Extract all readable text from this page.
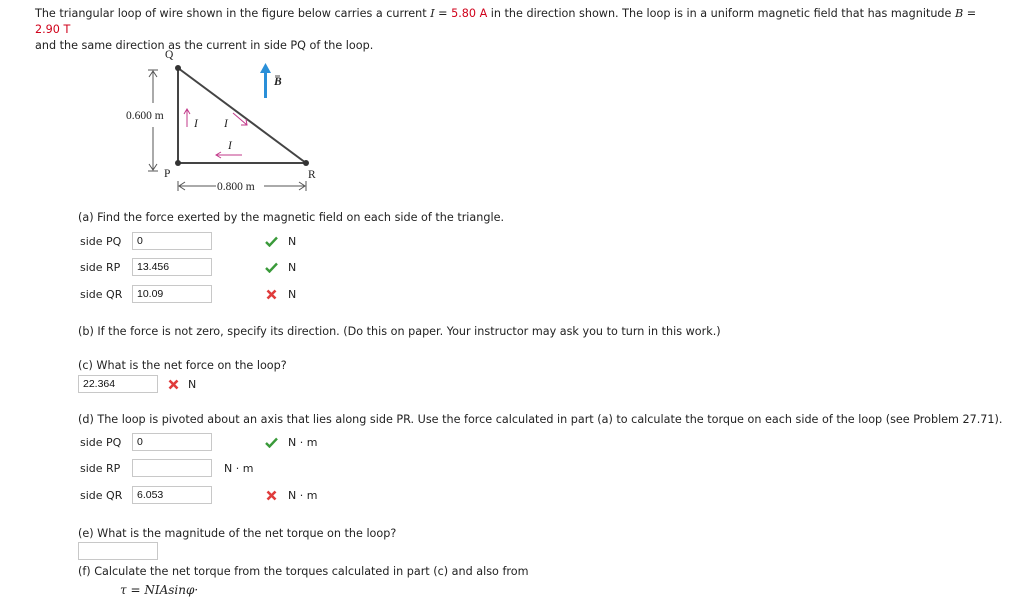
The triangular loop of wire shown in the figure below carries a current I = 5.80 A in the direction shown. The loop is in a uniform magnetic field that has magnitude B = 2.90 T
and the same direction as the current in side PQ of the loop.
Q
P	R
0.600 m
0.800 m
I I
I
B
(a) Find the force exerted by the magnetic field on each side of the triangle.
side PQ	0	N
side RP	13.456	N
side QR	10.09	N
(b) If the force is not zero, specify its direction. (Do this on paper. Your instructor may ask you to turn in this work.)
(c) What is the net force on the loop?
22.364	N
(d) The loop is pivoted about an axis that lies along side PR. Use the force calculated in part (a) to calculate the torque on each side of the loop (see Problem 27.71).
side PQ	0	N · m
side RP	N · m
side QR	6.053	N · m
(e) What is the magnitude of the net torque on the loop?
(f) Calculate the net torque from the torques calculated in part (c) and also from
τ = NIAsinφ·
